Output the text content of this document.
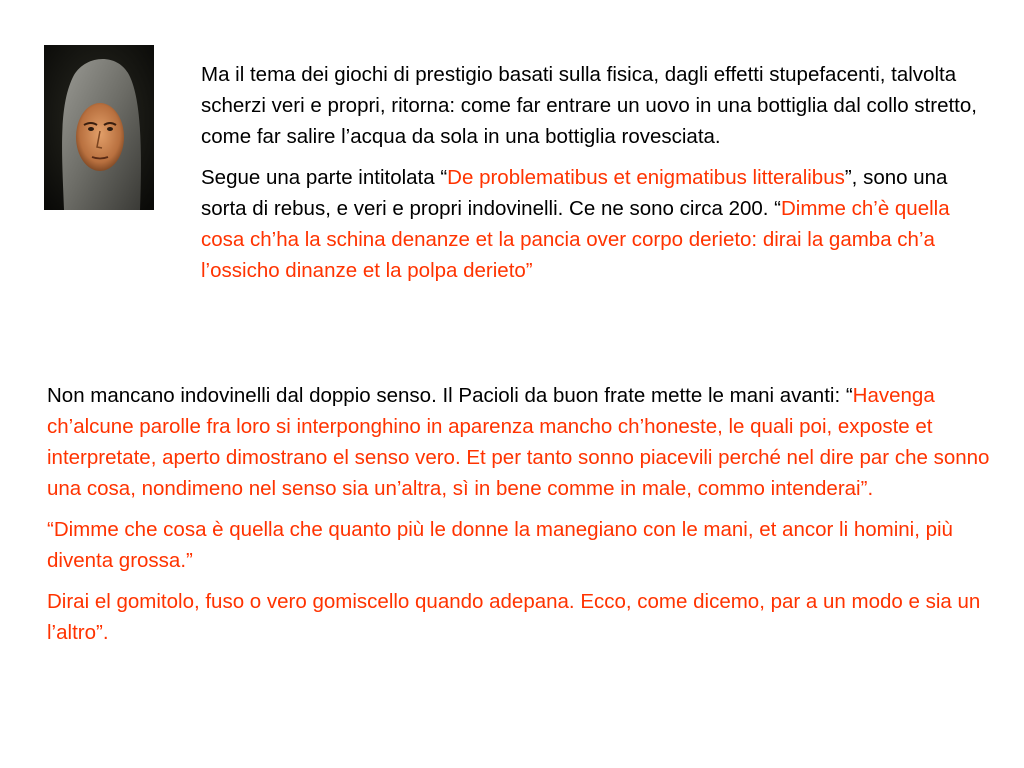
Ma il tema dei giochi di prestigio basati sulla fisica, dagli effetti stupefacenti, talvolta scherzi veri e propri, ritorna: come far entrare un uovo in una bottiglia dal collo stretto, come far salire l’acqua da sola in una bottiglia rovesciata.

Segue una parte intitolata “De problematibus et enigmatibus litteralibus”, sono una sorta di rebus, e veri e propri indovinelli. Ce ne sono circa 200. “Dimme ch’è quella cosa ch’ha la schina denanze et la pancia over corpo derieto: dirai la gamba ch’a l’ossicho dinanze et la polpa derieto”

Non mancano indovinelli dal doppio senso. Il Pacioli da buon frate mette le mani avanti: “Havenga ch’alcune parolle fra loro si interponghino in aparenza mancho ch’honeste, le quali poi, exposte et interpretate, aperto dimostrano el senso vero. Et per tanto sonno piacevili perché nel dire par che sonno una cosa, nondimeno nel senso sia un’altra, sì in bene comme in male, commo intenderai”.

“Dimme che cosa è quella che quanto più le donne la manegiano con le mani, et ancor li homini, più diventa grossa.”

Dirai el gomitolo, fuso o vero gomiscello quando adepana. Ecco, come dicemo, par a un modo e sia un l’altro”.
